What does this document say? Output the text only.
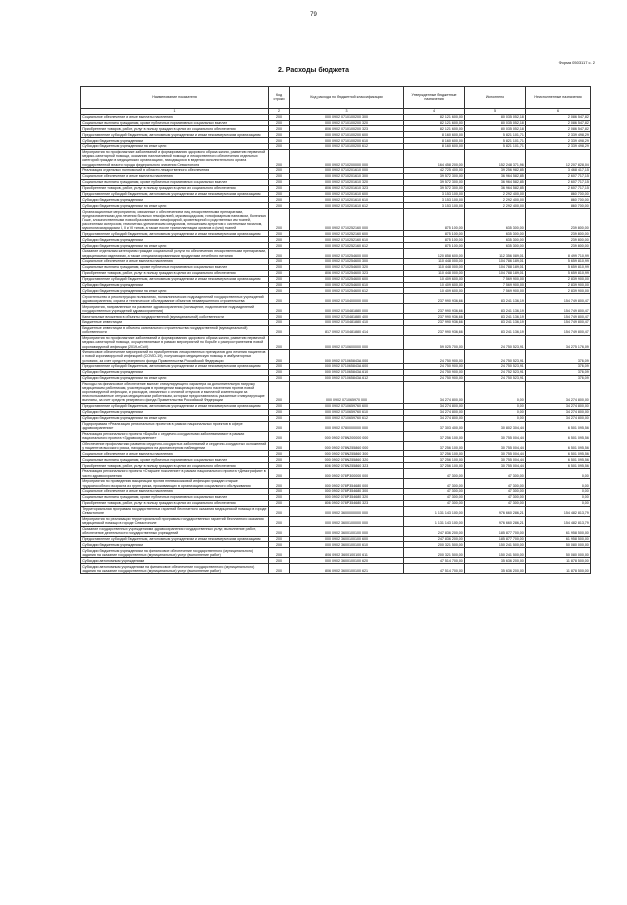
79
Форма 0503117 с. 2
2. Расходы бюджета
Наименование показателя	Код строки	Код расхода по бюджетной классификации	Утвержденные бюджетные назначения	Исполнено	Неисполненные назначения
1	2	3	4	5	6
Социальное обеспечение и иные выплаты населению	200	000 0902 0710100200 300	82 121 600,00	80 035 052,18	2 086 547,82
Социальные выплаты гражданам, кроме публичных нормативных социальных выплат	200	000 0902 0710100200 320	82 121 600,00	80 035 052,18	2 086 547,82
Приобретение товаров, работ, услуг в пользу граждан в целях их социального обеспечения	200	806 0902 0710100200 323	82 121 600,00	80 035 052,18	2 086 547,82
Предоставление субсидий бюджетным, автономным учреждениям и иным некоммерческим организациям	200	000 0902 0710100200 600	8 160 600,00	5 821 101,71	2 339 498,29
Субсидии бюджетным учреждениям	200	000 0902 0710100200 610	8 160 600,00	5 821 101,71	2 339 498,29
Субсидии бюджетным учреждениям на иные цели	200	000 0902 0710100200 612	8 160 600,00	5 821 101,71	2 339 498,29
Мероприятия по профилактике заболеваний и формированию здорового образа жизни, развитию первичной медико-санитарной помощи, оказанию паллиативной помощи и лекарственного обеспечения отдельных категорий граждан в медицинских организациях, находящихся в ведении исполнительного органа государственной власти города федерального значения Севастополя	200	000 0902 0710200000 000	164 458 200,00	152 248 371,96	12 207 828,04
Реализация отдельных полномочий в области лекарственного обеспечения	200	000 0902 0710201610 000	42 725 400,00	39 256 982,85	3 468 417,15
Социальное обеспечение и иные выплаты населению	200	000 0902 0710201610 300	39 572 300,00	36 964 582,85	2 607 717,15
Социальные выплаты гражданам, кроме публичных нормативных социальных выплат	200	000 0902 0710201610 320	39 572 300,00	36 964 582,85	2 607 717,15
Приобретение товаров, работ, услуг в пользу граждан в целях их социального обеспечения	200	806 0902 0710201610 323	39 572 300,00	36 964 582,85	2 607 717,15
Предоставление субсидий бюджетным, автономным учреждениям и иным некоммерческим организациям	200	000 0902 0710201610 600	3 153 100,00	2 292 400,00	860 700,00
Субсидии бюджетным учреждениям	200	000 0902 0710201610 610	3 153 100,00	2 292 400,00	860 700,00
Субсидии бюджетным учреждениям на иные цели	200	000 0902 0710201610 612	3 153 100,00	2 292 400,00	860 700,00
Организационные мероприятия, связанные с обеспечением лиц лекарственными препаратами, предназначенными для лечения больных гемофилией, муковисцидозом, гипофизарным нанизмом, болезнью Гоше, злокачественными новообразованиями лимфоидной, кроветворной и родственных им тканей, рассеянным склерозом, гемолитико-уремическим синдромом, юношеским артритом с системным началом, мукополисахаридозом I, II и VI типов, а также после трансплантации органов и (или) тканей	200	000 0902 0710252160 000	875 100,00	635 300,00	239 800,00
Предоставление субсидий бюджетным, автономным учреждениям и иным некоммерческим организациям	200	000 0902 0710252160 600	875 100,00	635 300,00	239 800,00
Субсидии бюджетным учреждениям	200	000 0902 0710252160 610	875 100,00	635 300,00	239 800,00
Субсидии бюджетным учреждениям на иные цели	200	000 0902 0710252160 612	875 100,00	635 300,00	239 800,00
Оказание отдельным категориям граждан социальной услуги по обеспечению лекарственными препаратами, медицинскими изделиями, а также специализированными продуктами лечебного питания	200	000 0902 0710254600 000	120 858 600,00	112 356 089,01	8 499 710,99
Социальное обеспечение и иные выплаты населению	200	000 0902 0710254600 300	110 448 000,00	104 786 189,01	5 659 810,99
Социальные выплаты гражданам, кроме публичных нормативных социальных выплат	200	000 0902 0710254600 320	110 448 000,00	104 788 189,01	5 659 810,99
Приобретение товаров, работ, услуг в пользу граждан в целях их социального обеспечения	200	806 0902 0710254600 323	110 448 000,00	104 788 189,01	5 659 810,99
Предоставление субсидий бюджетным, автономным учреждениям и иным некоммерческим организациям	200	000 0902 0710254600 600	10 409 600,00	7 569 900,00	2 839 900,00
Субсидии бюджетным учреждениям	200	000 0902 0710254600 610	10 409 600,00	7 569 900,00	2 839 900,00
Субсидии бюджетным учреждениям на иные цели	200	000 0902 0710254600 612	10 409 600,00	7 569 900,00	2 839 900,00
Строительство и реконструкция поликлиник, поликлинических подразделений государственных учреждений здравоохранения, охрана и техническое обследование объектов незавершенного строительства	200	000 0902 0710400000 000	237 990 936,66	83 241 136,19	154 749 800,47
Мероприятия, направленные на развитие здравоохранения (оснащение, подключение подразделений государственных учреждений здравоохранения)	200	000 0902 0710481880 000	237 990 936,66	83 241 136,19	154 749 800,47
Капитальные вложения в объекты государственной (муниципальной) собственности	200	000 0902 0710481880 400	237 990 936,66	83 241 136,19	154 749 800,47
Бюджетные инвестиции	200	000 0902 0710481880 410	237 990 936,66	83 241 136,19	154 749 800,47
Бюджетные инвестиции в объекты капитального строительства государственной (муниципальной) собственности	200	817 0902 0710481880 414	237 990 936,66	83 241 136,19	154 749 800,47
Мероприятия по профилактике заболеваний и формированию здорового образа жизни, развитию первичной медико-санитарной помощи, осуществляемые в рамках мероприятий по борьбе с распространением новой коронавирусной инфекции (2019-nCoV)	200	000 0902 0710600000 000	59 025 700,00	24 750 523,91	34 275 176,09
Финансовое обеспечение мероприятий по приобретению лекарственных препаратов для лечения пациентов с новой коронавирусной инфекцией (COVID-19), получающих медицинскую помощь в амбулаторных условиях, за счет средств резервного фонда Правительства Российской Федерации	200	000 0902 071065843A 000	24 750 900,00	24 750 523,91	376,09
Предоставление субсидий бюджетным, автономным учреждениям и иным некоммерческим организациям	200	000 0902 071065843A 600	24 750 900,00	24 750 523,91	376,09
Субсидии бюджетным учреждениям	200	000 0902 071065843A 610	24 750 900,00	24 752 523,91	376,09
Субсидии бюджетным учреждениям на иные цели	200	000 0902 071065843A 612	24 750 900,00	24 750 523,91	376,09
Расходы на финансовое обеспечение выплат стимулирующего характера за дополнительную нагрузку медицинским работникам, участвующим в проведении вакцинации взрослого населения против новой коронавирусной инфекции, и расходов, связанных с оплатой отпусков и выплатой компенсации за неиспользованные отпуска медицинским работникам, которым предоставлялись указанные стимулирующие выплаты, за счет средств резервного фонда Правительства Российской Федерации	200	000 0902 071065970 000	34 274 800,00	0,00	34 274 800,00
Предоставление субсидий бюджетным, автономным учреждениям и иным некоммерческим организациям	200	000 0902 0710659760 600	34 274 800,00	0,00	34 274 800,00
Субсидии бюджетным учреждениям	200	000 0902 0710659760 610	34 274 800,00	0,00	34 274 800,00
Субсидии бюджетным учреждениям на иные цели	200	000 0902 0710659760 612	34 274 800,00	0,00	34 274 800,00
Подпрограмма «Реализация региональных проектов в рамках национальных проектов в сфере здравоохранения»	200	000 0902 0780000000 000	37 303 400,00	30 802 304,44	6 501 095,56
Реализация регионального проекта «Борьба с сердечно-сосудистыми заболеваниями» в рамках национального проекта «Здравоохранение»	200	000 0902 078N200000 000	37 256 100,00	30 755 004,44	6 501 095,56
Обеспечение профилактики развития сердечно-сосудистых заболеваний и сердечно-сосудистых осложнений у пациентов высокого риска, находящихся на диспансерном наблюдении	200	000 0902 078N255860 000	37 256 100,00	30 755 004,44	6 501 095,56
Социальное обеспечение и иные выплаты населению	200	000 0902 078N255860 300	37 256 100,00	30 755 004,44	6 501 095,56
Социальные выплаты гражданам, кроме публичных нормативных социальных выплат	200	000 0902 078N255860 320	37 256 100,00	30 755 004,44	6 501 095,56
Приобретение товаров, работ, услуг в пользу граждан в целях их социального обеспечения	200	806 0902 078N255860 323	37 256 100,00	30 755 004,44	6 501 095,56
Реализация регионального проекта «Старшее поколение» в рамках национального проекта «Демография» в части здравоохранения	200	000 0902 078P300000 000	47 300,00	47 300,00	0,00
Мероприятия по проведению вакцинации против пневмококковой инфекции граждан старше трудоспособного возраста из групп риска, проживающих в организациях социального обслуживания	200	000 0902 078P354680 000	47 300,00	47 300,00	0,00
Социальное обеспечение и иные выплаты населению	200	000 0902 078P354680 300	47 300,00	47 300,00	0,00
Социальные выплаты гражданам, кроме публичных нормативных социальных выплат	200	000 0902 078P354680 320	47 300,00	47 300,00	0,00
Приобретение товаров, работ, услуг в пользу граждан в целях их социального обеспечения	200	806 0902 078P354680 323	47 300,00	47 300,00	0,00
Территориальная программа государственных гарантий бесплатного оказания медицинской помощи в городе Севастополе	200	000 0902 3600000000 000	1 131 143 100,00	976 660 286,21	154 482 813,79
Мероприятия по реализации территориальной программы государственных гарантий бесплатного оказания медицинской помощи в городе Севастополе	200	000 0902 3600100000 000	1 131 143 100,00	976 660 286,21	154 482 813,79
Оказание государственных учреждениями здравоохранения государственных услуг, выполнение работ, обеспечение деятельности государственных учреждений	200	000 0902 3600100100 000	247 836 200,00	185 877 700,00	61 958 500,00
Предоставление субсидий бюджетным, автономным учреждениям и иным некоммерческим организациям	200	000 0902 3600100100 600	247 836 200,00	185 877 700,00	61 958 500,00
Субсидии бюджетным учреждениям	200	000 0902 3600100100 610	200 321 500,00	150 241 500,00	50 080 000,00
Субсидии бюджетным учреждениям на финансовое обеспечение государственного (муниципального) задания на оказание государственных (муниципальных) услуг (выполнение работ)	200	806 0902 3600100100 611	200 321 500,00	150 241 500,00	50 080 000,00
Субсидии автономным учреждениям	200	000 0902 3600100100 620	47 514 700,00	35 636 200,00	11 878 500,00
Субсидии автономным учреждениям на финансовое обеспечение государственного (муниципального) задания на оказание государственных (муниципальных) услуг (выполнение работ)	200	806 0902 3600100100 621	47 514 700,00	35 636 200,00	11 878 500,00
